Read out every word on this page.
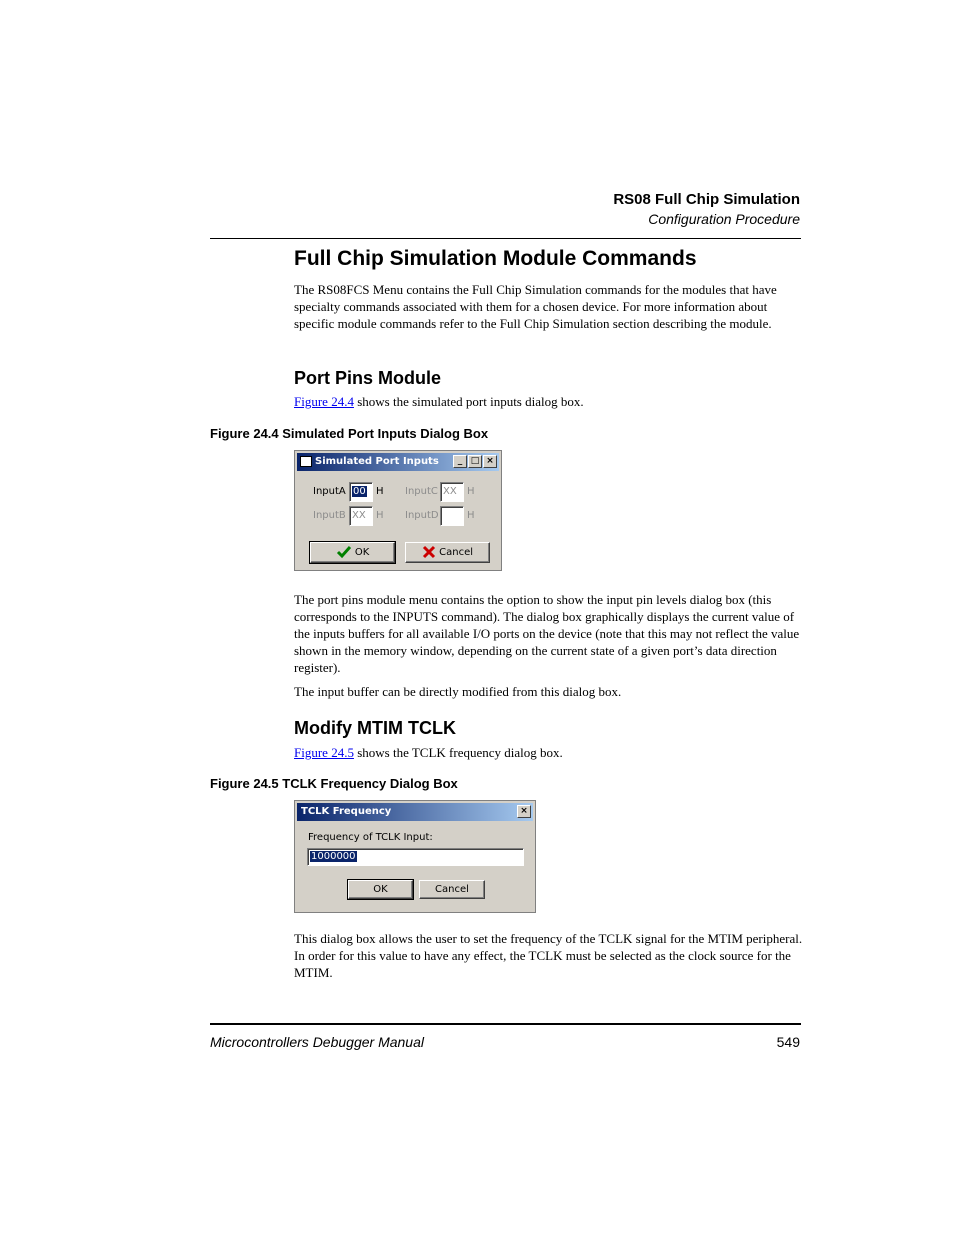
RS08 Full Chip Simulation
Configuration Procedure
Full Chip Simulation Module Commands

The RS08FCS Menu contains the Full Chip Simulation commands for the modules that have specialty commands associated with them for a chosen device. For more information about specific module commands refer to the Full Chip Simulation section describing the module.

Port Pins Module

Figure 24.4 shows the simulated port inputs dialog box.

Figure 24.4 Simulated Port Inputs Dialog Box
Simulated Port Inputs	_ □ ×
InputA 00	H InputC XX	H
InputB XX	H InputD	H
OK	Cancel

The port pins module menu contains the option to show the input pin levels dialog box (this corresponds to the INPUTS command). The dialog box graphically displays the current value of the inputs buffers for all available I/O ports on the device (note that this may not reflect the value shown in the memory window, depending on the current state of a given port’s data direction register).

The input buffer can be directly modified from this dialog box.

Modify MTIM TCLK

Figure 24.5 shows the TCLK frequency dialog box.

Figure 24.5 TCLK Frequency Dialog Box
TCLK Frequency	×
Frequency of TCLK Input:
1000000
OK	Cancel

This dialog box allows the user to set the frequency of the TCLK signal for the MTIM peripheral. In order for this value to have any effect, the TCLK must be selected as the clock source for the MTIM.

Microcontrollers Debugger Manual	549
